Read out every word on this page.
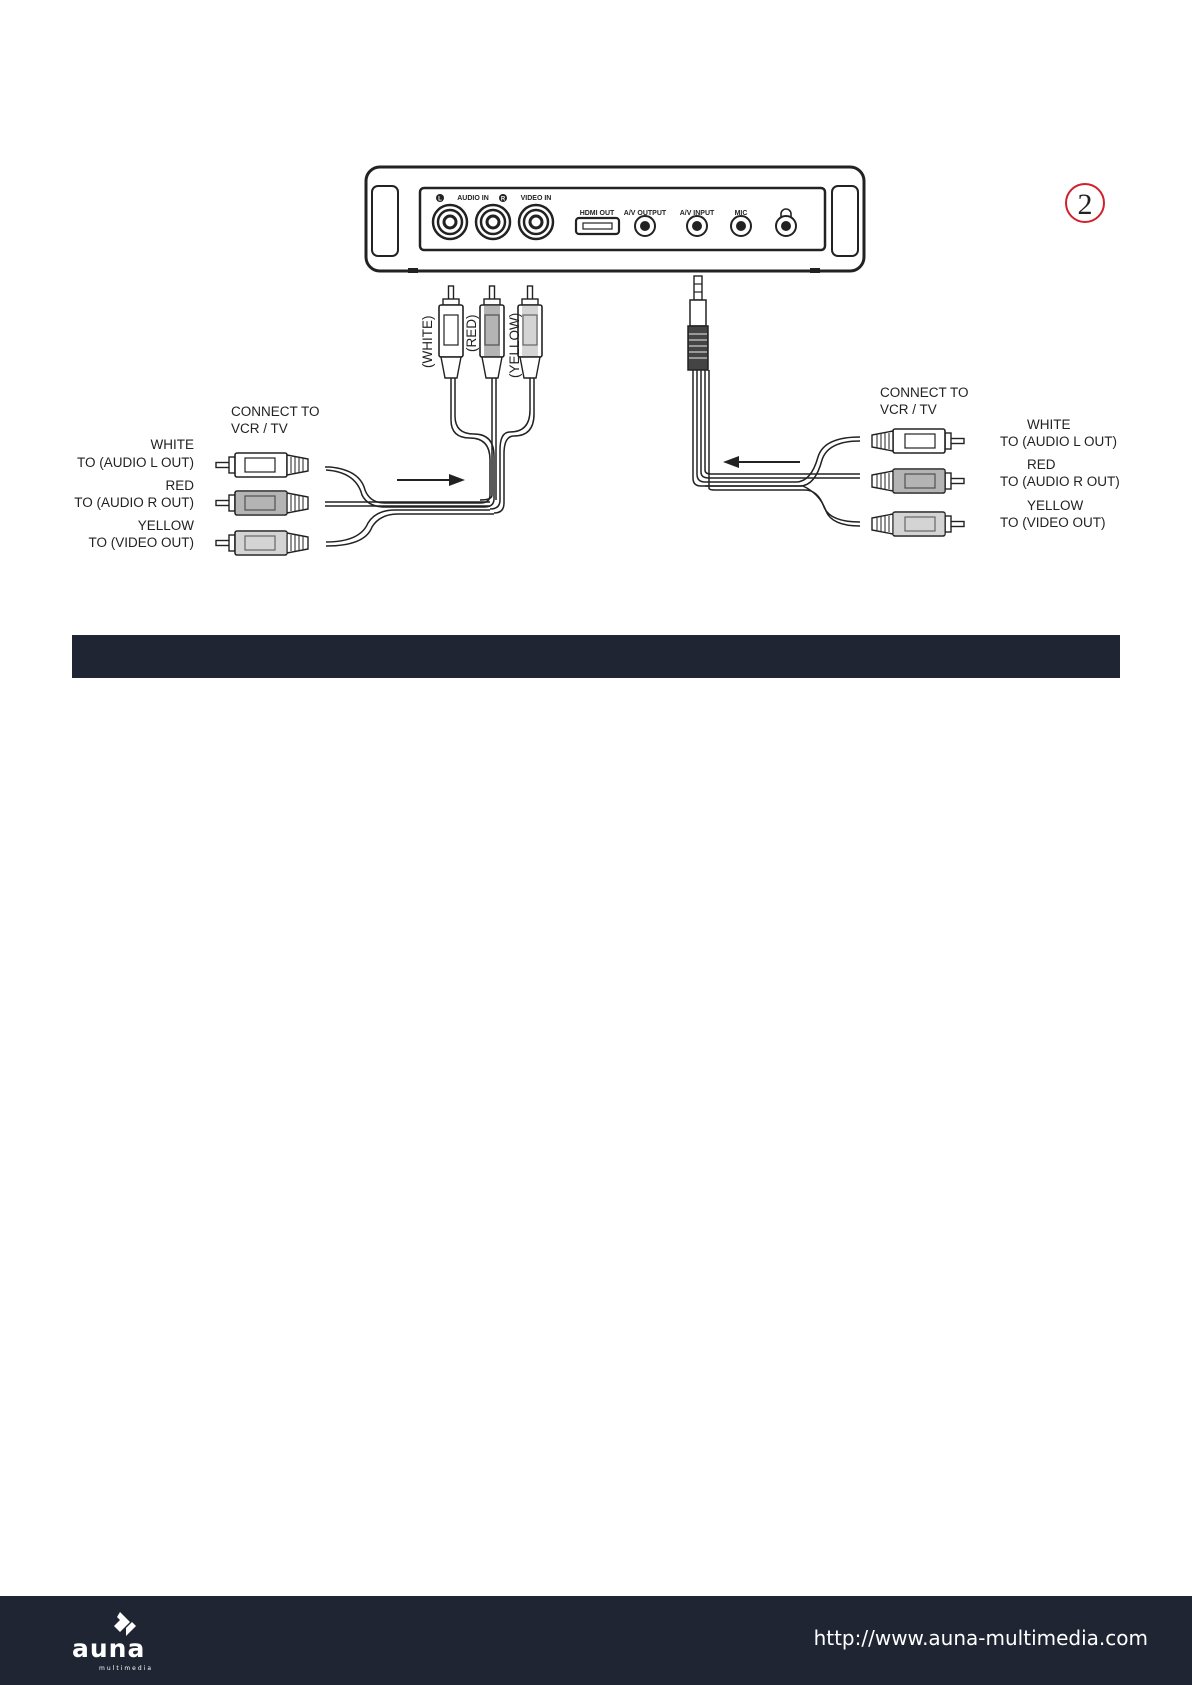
L	R
AUDIO IN	VIDEO IN
HDMI OUT A/V OUTPUT A/V INPUT	MIC	2
(WHITE) (RED) (YELLOW)
CONNECT TO
VCR / TV
WHITE
TO (AUDIO L OUT)
RED
TO (AUDIO R OUT)
YELLOW
TO (VIDEO OUT)
CONNECT TO
VCR / TV
WHITE
TO (AUDIO L OUT)
RED
TO (AUDIO R OUT)
YELLOW
TO (VIDEO OUT)
auna
multimedia
http://www.auna-multimedia.com
